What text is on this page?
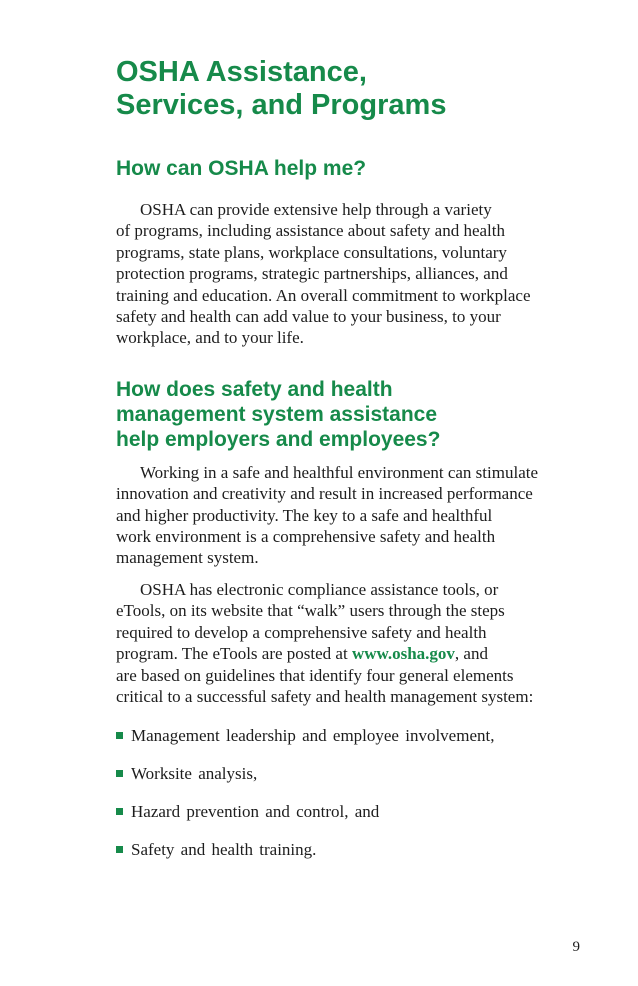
OSHA Assistance,
Services, and Programs
How can OSHA help me?

OSHA can provide extensive help through a variety
of programs, including assistance about safety and health
programs, state plans, workplace consultations, voluntary
protection programs, strategic partnerships, alliances, and
training and education. An overall commitment to workplace
safety and health can add value to your business, to your
workplace, and to your life.

How does safety and health
management system assistance
help employers and employees?

Working in a safe and healthful environment can stimulate
innovation and creativity and result in increased performance
and higher productivity. The key to a safe and healthful
work environment is a comprehensive safety and health
management system.

OSHA has electronic compliance assistance tools, or
eTools, on its website that “walk” users through the steps
required to develop a comprehensive safety and health
program. The eTools are posted at www.osha.gov, and
are based on guidelines that identify four general elements
critical to a successful safety and health management system:

Management leadership and employee involvement,
Worksite analysis,
Hazard prevention and control, and
Safety and health training.
9
